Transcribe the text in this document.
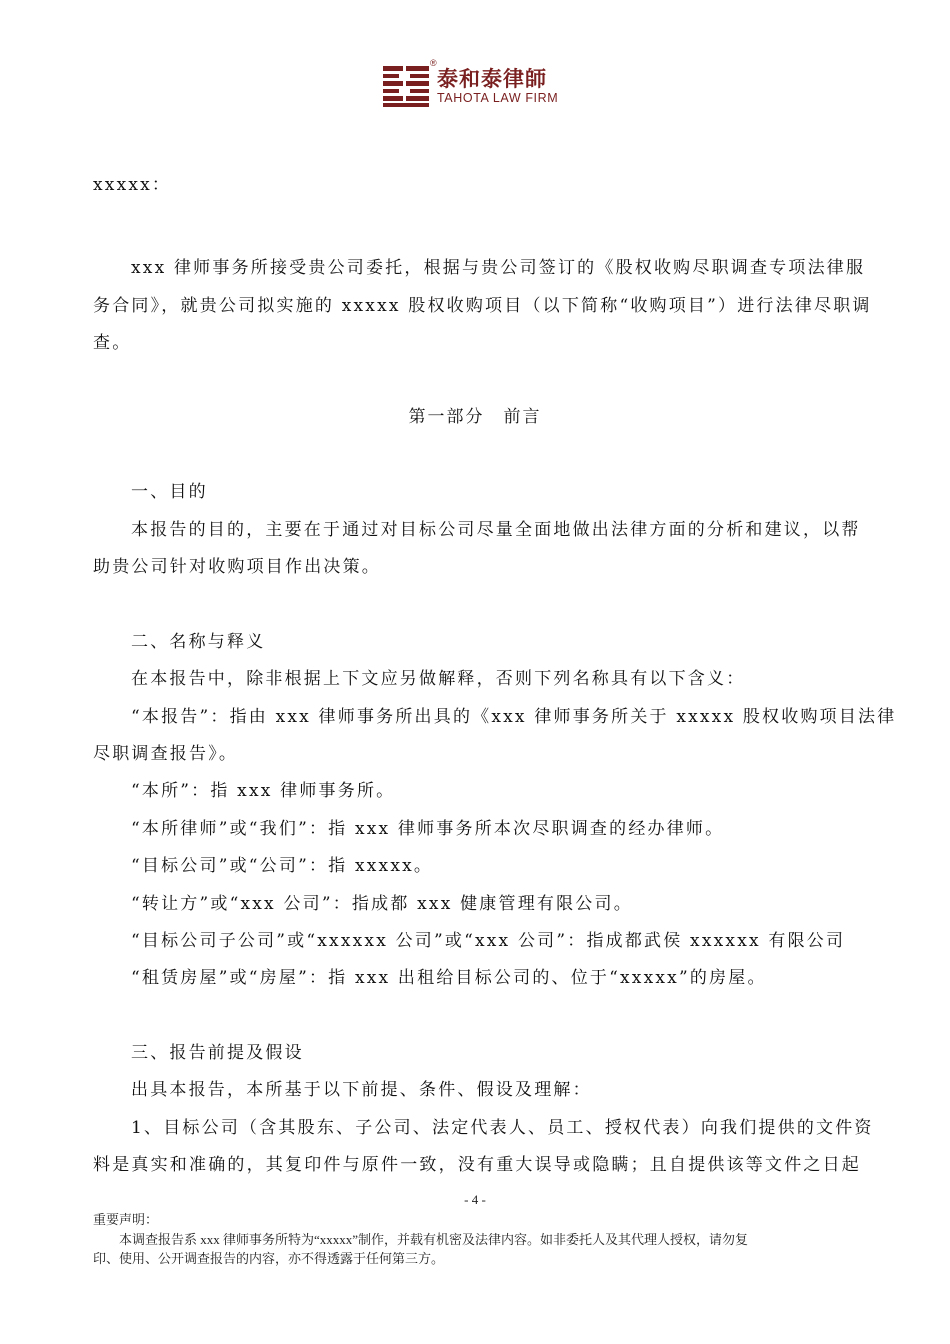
®
泰和泰律師
TAHOTA LAW FIRM
xxxxx：
xxx 律师事务所接受贵公司委托，根据与贵公司签订的《股权收购尽职调查专项法律服
务合同》，就贵公司拟实施的 xxxxx 股权收购项目（以下简称“收购项目”）进行法律尽职调
查。
第一部分　前言
一、目的
本报告的目的，主要在于通过对目标公司尽量全面地做出法律方面的分析和建议，以帮
助贵公司针对收购项目作出决策。
二、名称与释义
在本报告中，除非根据上下文应另做解释，否则下列名称具有以下含义：
“本报告”：指由 xxx 律师事务所出具的《xxx 律师事务所关于 xxxxx 股权收购项目法律
尽职调查报告》。
“本所”：指 xxx 律师事务所。
“本所律师”或“我们”：指 xxx 律师事务所本次尽职调查的经办律师。
“目标公司”或“公司”：指 xxxxx。
“转让方”或“xxx 公司”：指成都 xxx 健康管理有限公司。
“目标公司子公司”或“xxxxxx 公司”或“xxx 公司”：指成都武侯 xxxxxx 有限公司
“租赁房屋”或“房屋”：指 xxx 出租给目标公司的、位于“xxxxx”的房屋。
三、报告前提及假设
出具本报告，本所基于以下前提、条件、假设及理解：
1、目标公司（含其股东、子公司、法定代表人、员工、授权代表）向我们提供的文件资
料是真实和准确的，其复印件与原件一致，没有重大误导或隐瞒；且自提供该等文件之日起
- 4 -
重要声明：
本调查报告系 xxx 律师事务所特为“xxxxx”制作，并载有机密及法律内容。如非委托人及其代理人授权，请勿复
印、使用、公开调查报告的内容，亦不得透露于任何第三方。
